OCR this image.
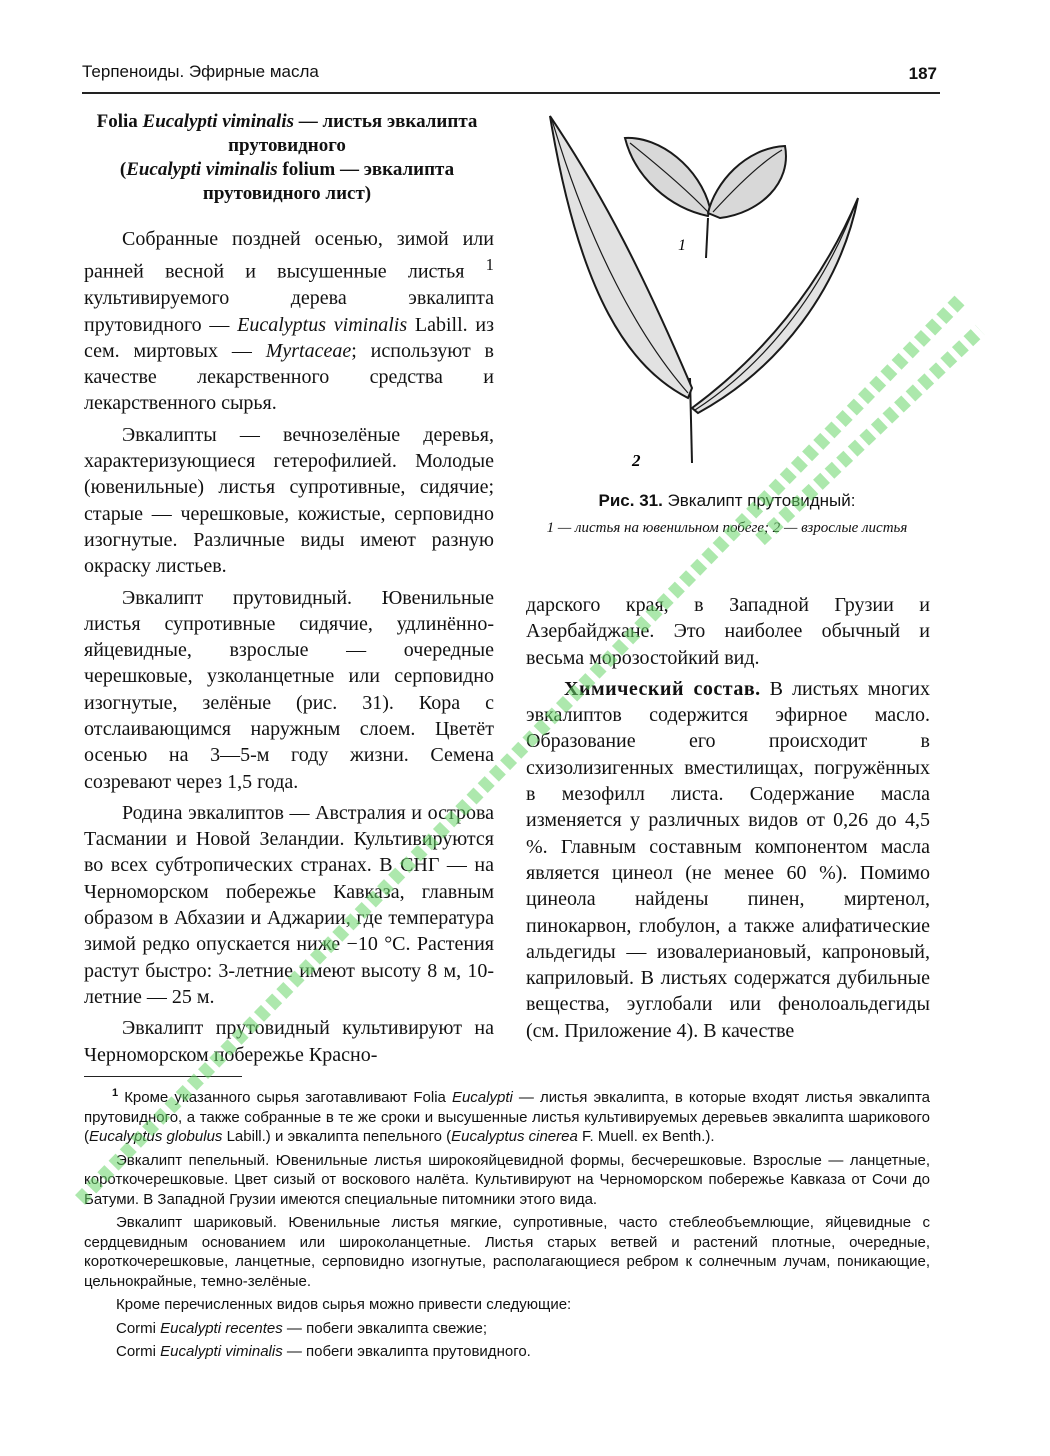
Терпеноиды. Эфирные масла	187
Folia Eucalypti viminalis — листья эвкалипта прутовидного
(Eucalypti viminalis folium — эвкалипта прутовидного лист)

Собранные поздней осенью, зимой или ранней весной и высушенные листья $^1$ культивируемого дерева эвкалипта прутовидного — Eucalyptus viminalis Labill. из сем. миртовых — Myrtaceae; используют в качестве лекарственного средства и лекарственного сырья.

Эвкалипты — вечнозелёные деревья, характеризующиеся гетерофилией. Молодые (ювенильные) листья супротивные, сидячие; старые — черешковые, кожистые, серповидно изогнутые. Различные виды имеют разную окраску листьев.

Эвкалипт прутовидный. Ювенильные листья супротивные сидячие, удлинённо-яйцевидные, взрослые — очередные черешковые, узколанцетные или серповидно изогнутые, зелёные (рис. 31). Кора с отслаивающимся наружным слоем. Цветёт осенью на 3—5-м году жизни. Семена созревают через 1,5 года.

Родина эвкалиптов — Австралия и острова Тасмании и Новой Зеландии. Культивируются во всех субтропических странах. В СНГ — на Черноморском побережье Кавказа, главным образом в Абхазии и Аджарии, где температура зимой редко опускается ниже −10 °C. Растения растут быстро: 3-летние имеют высоту 8 м, 10-летние — 25 м.

Эвкалипт прутовидный культивируют на Черноморском побережье Красно-

1
2
Рис. 31. Эвкалипт прутовидный:
1 — листья на ювенильном побеге; 2 — взрослые листья

дарского края, в Западной Грузии и Азербайджане. Это наиболее обычный и весьма морозостойкий вид.

Химический состав. В листьях многих эвкалиптов содержится эфирное масло. Образование его происходит в схизолизигенных вместилищах, погружённых в мезофилл листа. Содержание масла изменяется у различных видов от 0,26 до 4,5 %. Главным составным компонентом масла является цинеол (не менее 60 %). Помимо цинеола найдены пинен, миртенол, пинокарвон, глобулон, а также алифатические альдегиды — изовалериановый, капроновый, каприловый. В листьях содержатся дубильные вещества, эуглобали или фенолоальдегиды (см. Приложение 4). В качестве

$^1$ Кроме указанного сырья заготавливают Folia Eucalypti — листья эвкалипта, в которые входят листья эвкалипта прутовидного, а также собранные в те же сроки и высушенные листья культивируемых деревьев эвкалипта шарикового (Eucalyptus globulus Labill.) и эвкалипта пепельного (Eucalyptus cinerea F. Muell. ex Benth.).

Эвкалипт пепельный. Ювенильные листья широкояйцевидной формы, бесчерешковые. Взрослые — ланцетные, короткочерешковые. Цвет сизый от воскового налёта. Культивируют на Черноморском побережье Кавказа от Сочи до Батуми. В Западной Грузии имеются специальные питомники этого вида.

Эвкалипт шариковый. Ювенильные листья мягкие, супротивные, часто стеблеобъемлющие, яйцевидные с сердцевидным основанием или широколанцетные. Листья старых ветвей и растений плотные, очередные, короткочерешковые, ланцетные, серповидно изогнутые, располагающиеся ребром к солнечным лучам, поникающие, цельнокрайные, темно-зелёные.

Кроме перечисленных видов сырья можно привести следующие:

Cormi Eucalypti recentes — побеги эвкалипта свежие;

Cormi Eucalypti viminalis — побеги эвкалипта прутовидного.
